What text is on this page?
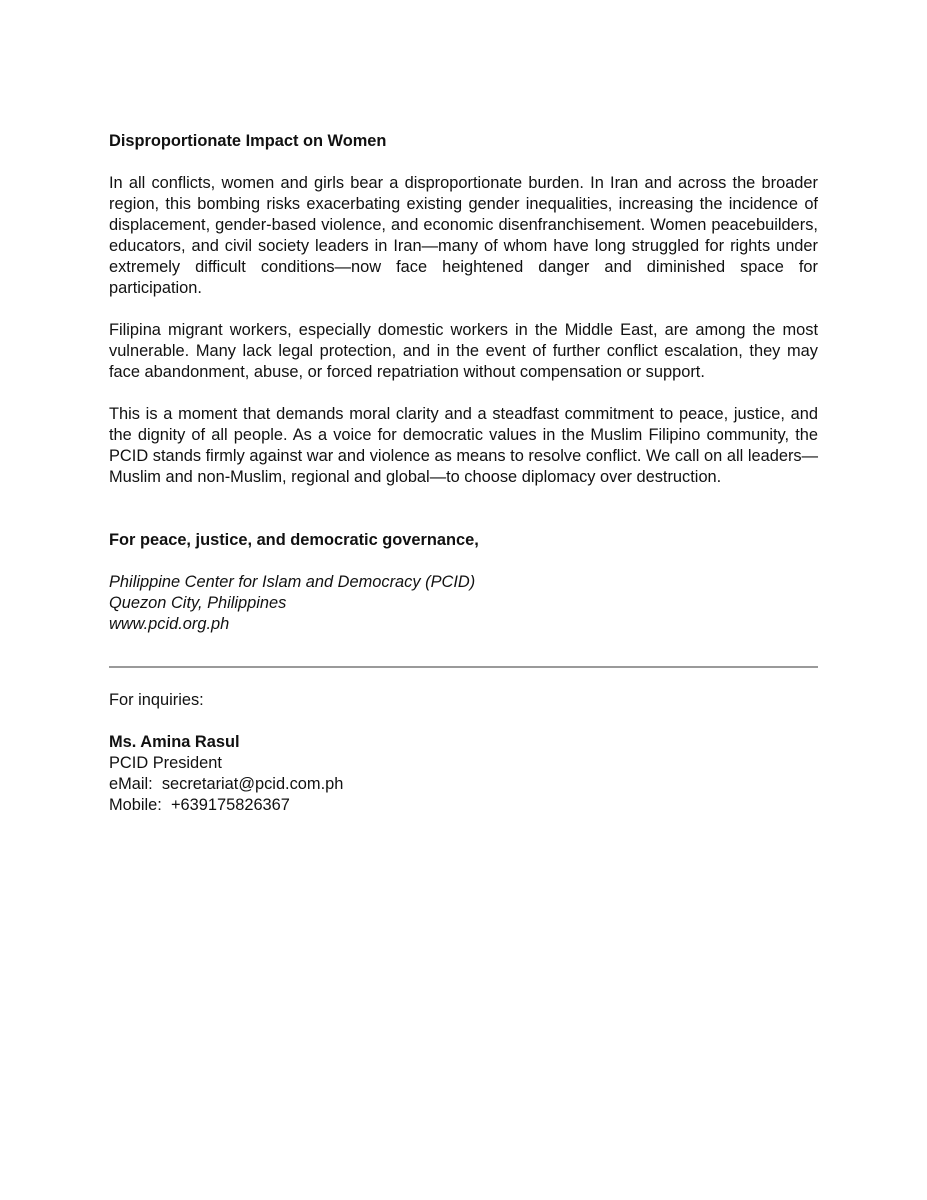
Disproportionate Impact on Women

In all conflicts, women and girls bear a disproportionate burden. In Iran and across the broader region, this bombing risks exacerbating existing gender inequalities, increasing the incidence of displacement, gender-based violence, and economic disenfranchisement. Women peacebuilders, educators, and civil society leaders in Iran—many of whom have long struggled for rights under extremely difficult conditions—now face heightened danger and diminished space for participation.

Filipina migrant workers, especially domestic workers in the Middle East, are among the most vulnerable. Many lack legal protection, and in the event of further conflict escalation, they may face abandonment, abuse, or forced repatriation without compensation or support.

This is a moment that demands moral clarity and a steadfast commitment to peace, justice, and the dignity of all people. As a voice for democratic values in the Muslim Filipino community, the PCID stands firmly against war and violence as means to resolve conflict. We call on all leaders—Muslim and non-Muslim, regional and global—to choose diplomacy over destruction.

For peace, justice, and democratic governance,

Philippine Center for Islam and Democracy (PCID)

Quezon City, Philippines

www.pcid.org.ph

For inquiries:

Ms. Amina Rasul

PCID President

eMail:  secretariat@pcid.com.ph

Mobile:  +639175826367
